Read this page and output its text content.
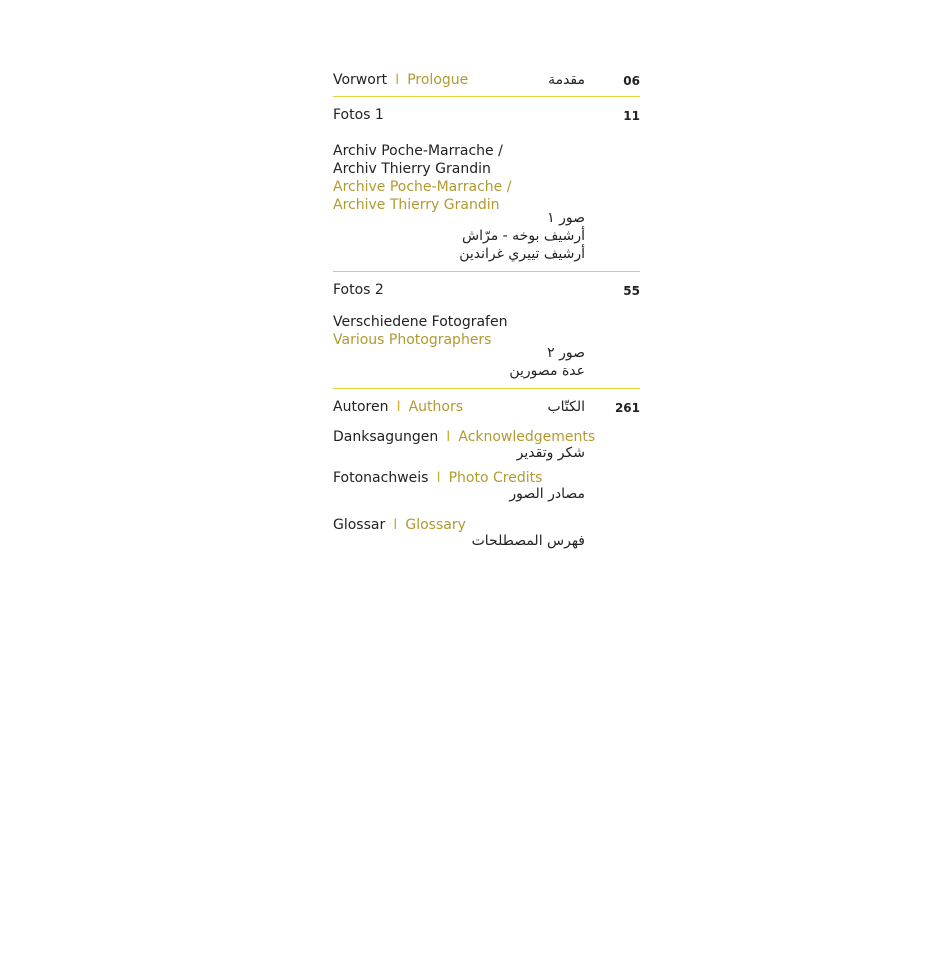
Vorwort I Prologue	مقدمة	06
Fotos 1	11
Archiv Poche-Marrache /
Archiv Thierry Grandin
Archive Poche-Marrache /
Archive Thierry Grandin
صور ١
أرشيف بوخه - مرّاش
أرشيف تييري غراندين
Fotos 2	55
Verschiedene Fotografen
Various Photographers
صور ٢
عدة مصورين
Autoren I Authors	الكتّاب 261
Danksagungen I Acknowledgements
شكر وتقدير
Fotonachweis I Photo Credits
مصادر الصور
Glossar I Glossary
فهرس المصطلحات
